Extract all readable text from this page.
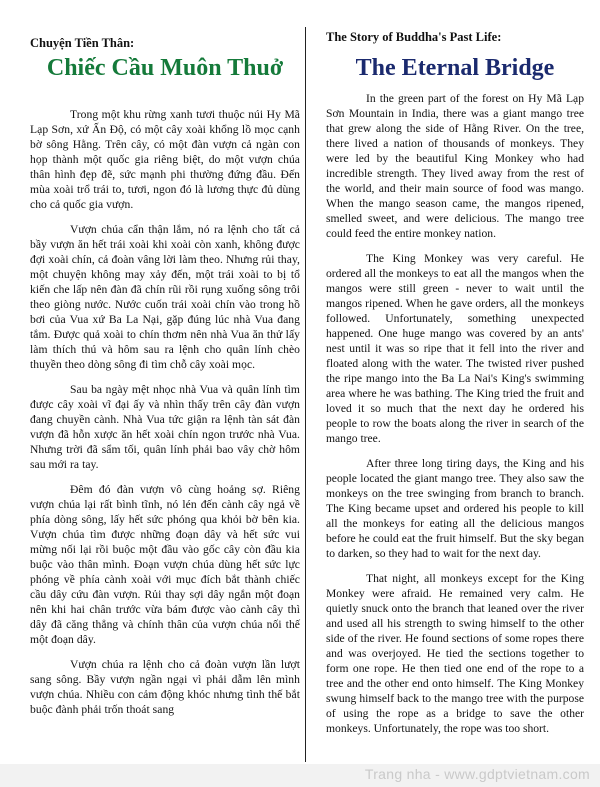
Chuyện Tiền Thân:

Chiếc Cầu Muôn Thuở

Trong một khu rừng xanh tươi thuộc núi Hy Mã Lạp Sơn, xứ Ấn Độ, có một cây xoài khổng lồ mọc cạnh bờ sông Hằng. Trên cây, có một đàn vượn cả ngàn con họp thành một quốc gia riêng biệt, do một vượn chúa thân hình đẹp đẽ, sức mạnh phi thường đứng đầu. Đến mùa xoài trổ trái to, tươi, ngon đó là lương thực đủ dùng cho cả quốc gia vượn.

Vượn chúa cẩn thận lắm, nó ra lệnh cho tất cả bầy vượn ăn hết trái xoài khi xoài còn xanh, không được đợi xoài chín, cả đoàn vâng lời làm theo. Nhưng rủi thay, một chuyện không may xảy đến, một trái xoài to bị tổ kiến che lấp nên đàn đã chín rũi rồi rụng xuống sông trôi theo giòng nước. Nước cuốn trái xoài chín vào trong hồ bơi của Vua xứ Ba La Nại, gặp đúng lúc nhà Vua đang tắm. Được quả xoài to chín thơm nên nhà Vua ăn thử lấy làm thích thú và hôm sau ra lệnh cho quân lính chèo thuyền theo dòng sông đi tìm chỗ cây xoài mọc.

Sau ba ngày mệt nhọc nhà Vua và quân lính tìm được cây xoài vĩ đại ấy và nhìn thấy trên cây đàn vượn đang chuyền cành. Nhà Vua tức giận ra lệnh tàn sát đàn vượn đã hỗn xược ăn hết xoài chín ngon trước nhà Vua. Nhưng trời đã sẩm tối, quân lính phải bao vây chờ hôm sau mới ra tay.

Đêm đó đàn vượn vô cùng hoảng sợ. Riêng vượn chúa lại rất bình tĩnh, nó lén đến cành cây ngả về phía dòng sông, lấy hết sức phóng qua khỏi bờ bên kia. Vượn chúa tìm được những đoạn dây và hết sức vui mừng nối lại rồi buộc một đầu vào gốc cây còn đầu kia buộc vào thân mình. Đoạn vượn chúa dùng hết sức lực phóng về phía cành xoài với mục đích bắt thành chiếc cầu dây cứu đàn vượn. Rủi thay sợi dây ngắn một đoạn nên khi hai chân trước vừa bám được vào cành cây thì dây đã căng thẳng và chính thân của vượn chúa nối thế một đoạn dây.

Vượn chúa ra lệnh cho cả đoàn vượn lần lượt sang sông. Bầy vượn ngần ngại vì phải dẫm lên mình vượn chúa. Nhiều con cảm động khóc nhưng tình thế bắt buộc đành phải trốn thoát sang

The Story of Buddha's Past Life:

The Eternal Bridge

In the green part of the forest on Hy Mã Lạp Sơn Mountain in India, there was a giant mango tree that grew along the side of Hằng River. On the tree, there lived a nation of thousands of monkeys. They were led by the beautiful King Monkey who had incredible strength. They lived away from the rest of the world, and their main source of food was mango. When the mango season came, the mangos ripened, smelled sweet, and were delicious. The mango tree could feed the entire monkey nation.

The King Monkey was very careful. He ordered all the monkeys to eat all the mangos when the mangos were still green - never to wait until the mangos ripened. When he gave orders, all the monkeys followed. Unfortunately, something unexpected happened. One huge mango was covered by an ants' nest until it was so ripe that it fell into the river and floated along with the water. The twisted river pushed the ripe mango into the Ba La Nai's King's swimming area where he was bathing. The King tried the fruit and loved it so much that the next day he ordered his people to row the boats along the river in search of the mango tree.

After three long tiring days, the King and his people located the giant mango tree. They also saw the monkeys on the tree swinging from branch to branch. The King became upset and ordered his people to kill all the monkeys for eating all the delicious mangos before he could eat the fruit himself. But the sky began to darken, so they had to wait for the next day.

That night, all monkeys except for the King Monkey were afraid. He remained very calm. He quietly snuck onto the branch that leaned over the river and used all his strength to swing himself to the other side of the river. He found sections of some ropes there and was overjoyed. He tied the sections together to form one rope. He then tied one end of the rope to a tree and the other end onto himself. The King Monkey swung himself back to the mango tree with the purpose of using the rope as a bridge to save the other monkeys. Unfortunately, the rope was too short.

Trang nha - www.gdptvietnam.com
